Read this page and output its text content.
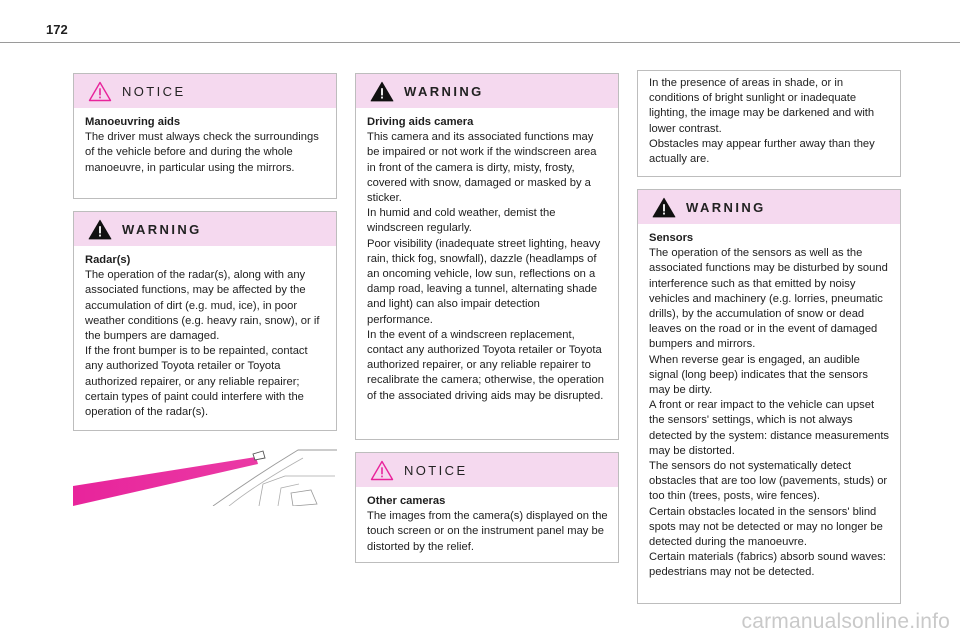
172
NOTICE
Manoeuvring aids
The driver must always check the surroundings of the vehicle before and during the whole manoeuvre, in particular using the mirrors.
WARNING
Radar(s)
The operation of the radar(s), along with any associated functions, may be affected by the accumulation of dirt (e.g. mud, ice), in poor weather conditions (e.g. heavy rain, snow), or if the bumpers are damaged.
If the front bumper is to be repainted, contact any authorized Toyota retailer or Toyota authorized repairer, or any reliable repairer; certain types of paint could interfere with the operation of the radar(s).
WARNING
Driving aids camera
This camera and its associated functions may be impaired or not work if the windscreen area in front of the camera is dirty, misty, frosty, covered with snow, damaged or masked by a sticker.
In humid and cold weather, demist the windscreen regularly.
Poor visibility (inadequate street lighting, heavy rain, thick fog, snowfall), dazzle (headlamps of an oncoming vehicle, low sun, reflections on a damp road, leaving a tunnel, alternating shade and light) can also impair detection performance.
In the event of a windscreen replacement, contact any authorized Toyota retailer or Toyota authorized repairer, or any reliable repairer to recalibrate the camera; otherwise, the operation of the associated driving aids may be disrupted.
NOTICE
Other cameras
The images from the camera(s) displayed on the touch screen or on the instrument panel may be distorted by the relief.
In the presence of areas in shade, or in conditions of bright sunlight or inadequate lighting, the image may be darkened and with lower contrast.
Obstacles may appear further away than they actually are.
WARNING
Sensors
The operation of the sensors as well as the associated functions may be disturbed by sound interference such as that emitted by noisy vehicles and machinery (e.g. lorries, pneumatic drills), by the accumulation of snow or dead leaves on the road or in the event of damaged bumpers and mirrors.
When reverse gear is engaged, an audible signal (long beep) indicates that the sensors may be dirty.
A front or rear impact to the vehicle can upset the sensors' settings, which is not always detected by the system: distance measurements may be distorted.
The sensors do not systematically detect obstacles that are too low (pavements, studs) or too thin (trees, posts, wire fences).
Certain obstacles located in the sensors' blind spots may not be detected or may no longer be detected during the manoeuvre.
Certain materials (fabrics) absorb sound waves: pedestrians may not be detected.
carmanualsonline.info
